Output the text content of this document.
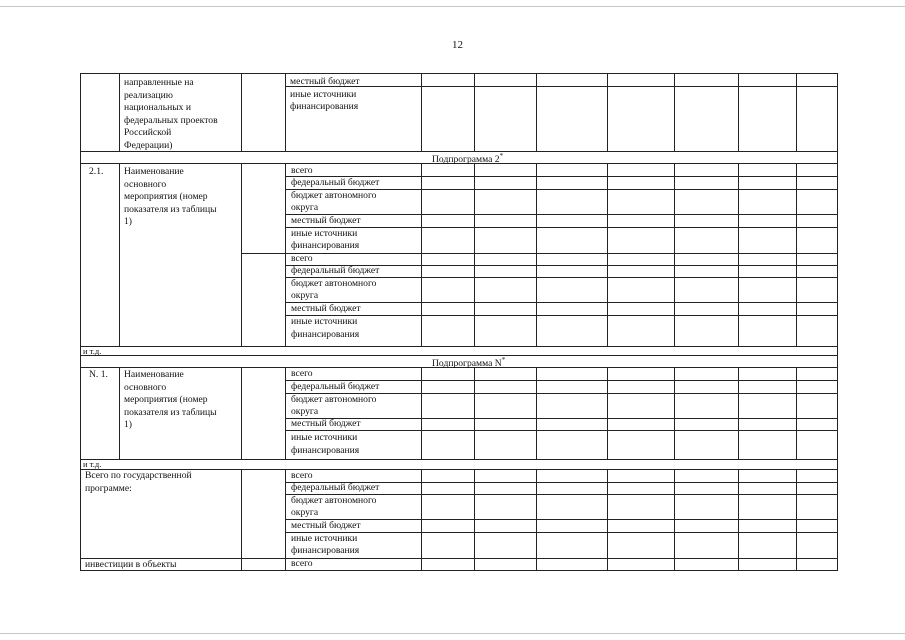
12
направленные на
реализацию
национальных и
федеральных проектов
Российской
Федерации)
местный бюджет
иные источники
финансирования
Подпрограмма 2*
2.1. Наименование
основного
мероприятия (номер
показателя из таблицы
1)
всего
федеральный бюджет
бюджет автономного
округа
местный бюджет
иные источники
финансирования
всего
федеральный бюджет
бюджет автономного
округа
местный бюджет
иные источники
финансирования
и т.д.
Подпрограмма N*
N. 1. Наименование
основного
мероприятия (номер
показателя из таблицы
1)
всего
федеральный бюджет
бюджет автономного
округа
местный бюджет
иные источники
финансирования
и т.д.
Всего по государственной
программе:
всего
федеральный бюджет
бюджет автономного
округа
местный бюджет
иные источники
финансирования
инвестиции в объекты	всего
